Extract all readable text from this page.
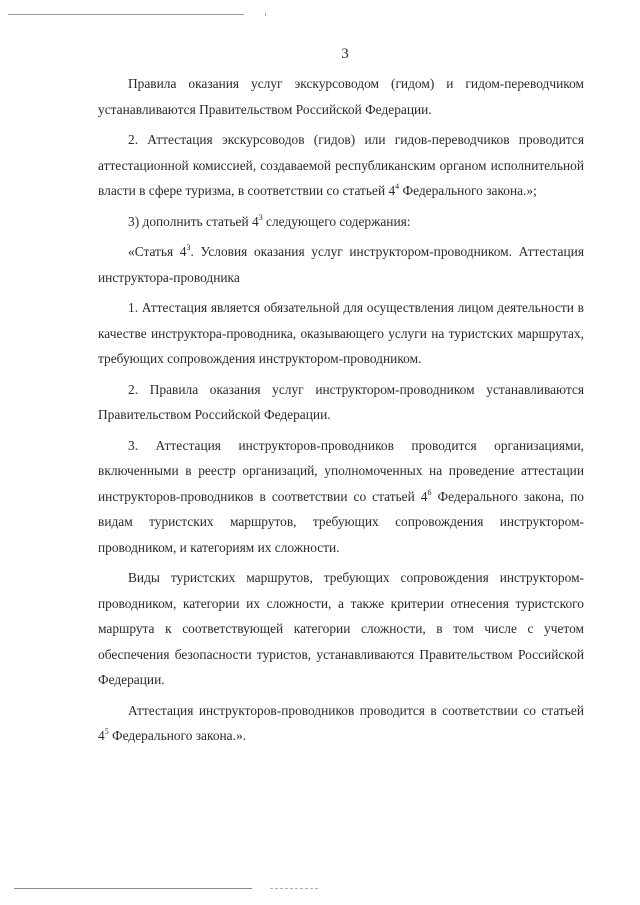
3

Правила оказания услуг экскурсоводом (гидом) и гидом-переводчиком устанавливаются Правительством Российской Федерации.

2. Аттестация экскурсоводов (гидов) или гидов-переводчиков проводится аттестационной комиссией, создаваемой республиканским органом исполнительной власти в сфере туризма, в соответствии со статьей $4^4$ Федерального закона.»;

3) дополнить статьей $4^3$ следующего содержания:

«Статья $4^3$. Условия оказания услуг инструктором-проводником. Аттестация инструктора-проводника

1. Аттестация является обязательной для осуществления лицом деятельности в качестве инструктора-проводника, оказывающего услуги на туристских маршрутах, требующих сопровождения инструктором-проводником.

2. Правила оказания услуг инструктором-проводником устанавливаются Правительством Российской Федерации.

3. Аттестация инструкторов-проводников проводится организациями, включенными в реестр организаций, уполномоченных на проведение аттестации инструкторов-проводников в соответствии со статьей $4^6$ Федерального закона, по видам туристских маршрутов, требующих сопровождения инструктором-проводником, и категориям их сложности.

Виды туристских маршрутов, требующих сопровождения инструктором-проводником, категории их сложности, а также критерии отнесения туристского маршрута к соответствующей категории сложности, в том числе с учетом обеспечения безопасности туристов, устанавливаются Правительством Российской Федерации.

Аттестация инструкторов-проводников проводится в соответствии со статьей $4^5$ Федерального закона.».
